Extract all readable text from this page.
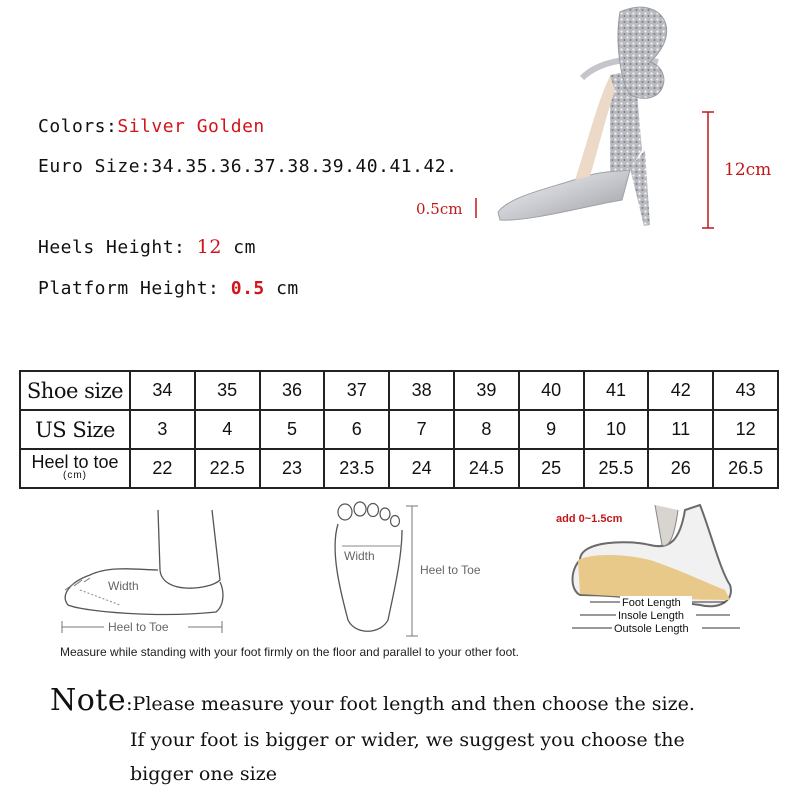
Colors:Silver Golden
Euro Size:34.35.36.37.38.39.40.41.42.
Heels Height: 12 cm
Platform Height: 0.5 cm
12cm
0.5cm
Shoe size	34	35	36	37	38	39	40	41	42	43
US Size	3	4	5	6	7	8	9	10	11	12

Heel to toe
(cm)	22	22.5	23	23.5	24	24.5	25	25.5	26	26.5
Width
Heel to Toe
Width
Heel to Toe
add 0~1.5cm
Foot Length
Insole Length
Outsole Length
Measure while standing with your foot firmly on the floor and parallel to your other foot.
Note:Please measure your foot length and then choose the size.
If your foot is bigger or wider, we suggest you choose the
bigger one size
